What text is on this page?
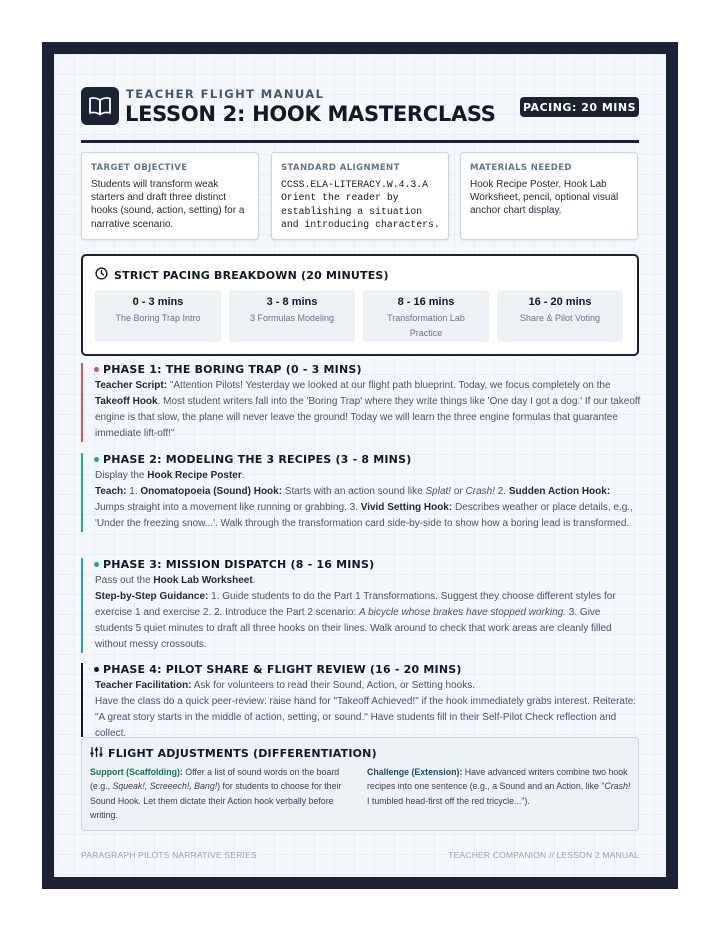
TEACHER FLIGHT MANUAL
LESSON 2: HOOK MASTERCLASS PACING: 20 MINS
TARGET OBJECTIVE
Students will transform weak starters and draft three distinct hooks (sound, action, setting) for a narrative scenario.
STANDARD ALIGNMENT
CCSS.ELA-LITERACY.W.4.3.A Orient the reader by establishing a situation and introducing characters.
MATERIALS NEEDED
Hook Recipe Poster, Hook Lab Worksheet, pencil, optional visual anchor chart display.
STRICT PACING BREAKDOWN (20 MINUTES)
0 - 3 mins
The Boring Trap Intro
3 - 8 mins
3 Formulas Modeling
8 - 16 mins
Transformation Lab Practice
16 - 20 mins
Share & Pilot Voting
PHASE 1: THE BORING TRAP (0 - 3 MINS)
Teacher Script: "Attention Pilots! Yesterday we looked at our flight path blueprint. Today, we focus completely on the Takeoff Hook. Most student writers fall into the 'Boring Trap' where they write things like 'One day I got a dog.' If our takeoff engine is that slow, the plane will never leave the ground! Today we will learn the three engine formulas that guarantee immediate lift-off!"
PHASE 2: MODELING THE 3 RECIPES (3 - 8 MINS)
Display the Hook Recipe Poster.
Teach: 1. Onomatopoeia (Sound) Hook: Starts with an action sound like Splat! or Crash! 2. Sudden Action Hook: Jumps straight into a movement like running or grabbing. 3. Vivid Setting Hook: Describes weather or place details, e.g., 'Under the freezing snow...'. Walk through the transformation card side-by-side to show how a boring lead is transformed.
PHASE 3: MISSION DISPATCH (8 - 16 MINS)
Pass out the Hook Lab Worksheet.
Step-by-Step Guidance: 1. Guide students to do the Part 1 Transformations. Suggest they choose different styles for exercise 1 and exercise 2. 2. Introduce the Part 2 scenario: A bicycle whose brakes have stopped working. 3. Give students 5 quiet minutes to draft all three hooks on their lines. Walk around to check that work areas are cleanly filled without messy crossouts.
PHASE 4: PILOT SHARE & FLIGHT REVIEW (16 - 20 MINS)
Teacher Facilitation: Ask for volunteers to read their Sound, Action, or Setting hooks.
Have the class do a quick peer-review: raise hand for "Takeoff Achieved!" if the hook immediately grabs interest. Reiterate: "A great story starts in the middle of action, setting, or sound." Have students fill in their Self-Pilot Check reflection and collect.
FLIGHT ADJUSTMENTS (DIFFERENTIATION)
Support (Scaffolding): Offer a list of sound words on the board (e.g., Squeak!, Screeech!, Bang!) for students to choose for their Sound Hook. Let them dictate their Action hook verbally before writing.
Challenge (Extension): Have advanced writers combine two hook recipes into one sentence (e.g., a Sound and an Action, like "Crash! I tumbled head-first off the red tricycle...").
PARAGRAPH PILOTS NARRATIVE SERIES	TEACHER COMPANION // LESSON 2 MANUAL
